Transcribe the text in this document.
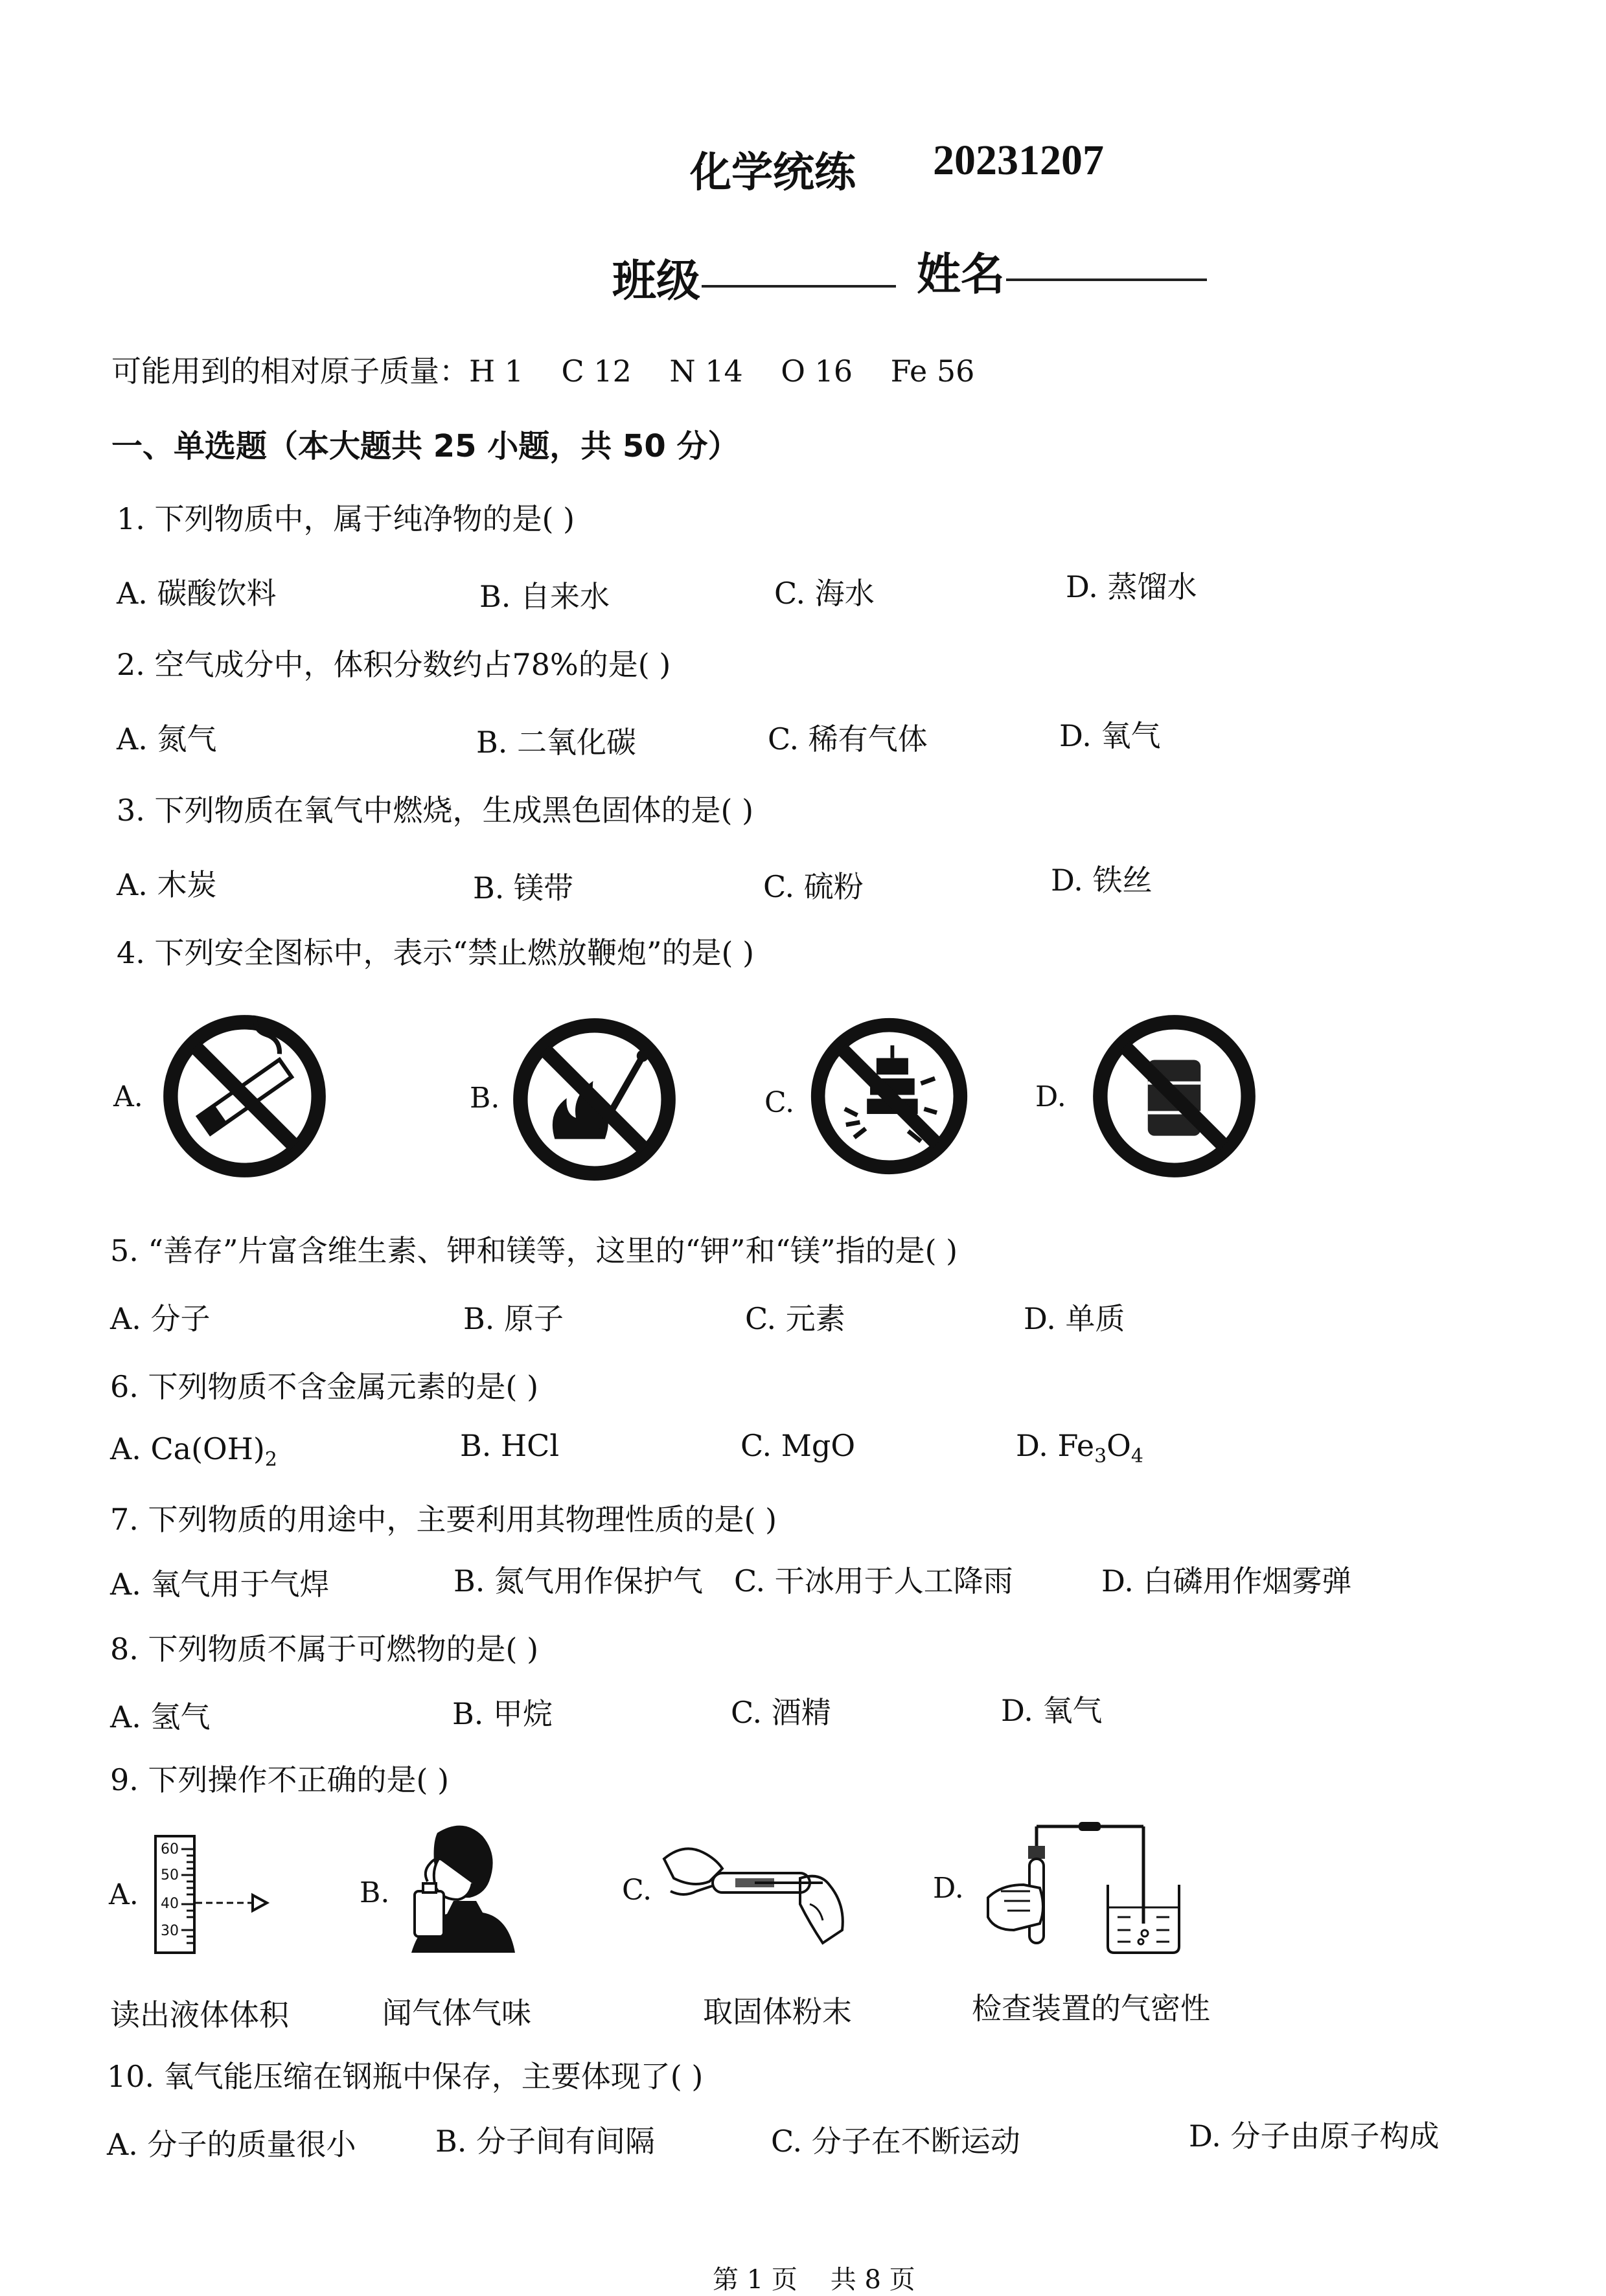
化学统练 20231207
班级	姓名
可能用到的相对原子质量：H 1    C 12    N 14    O 16    Fe 56
一、单选题（本大题共 25 小题，共 50 分）
1. 下列物质中，属于纯净物的是( )
A. 碳酸饮料	B. 自来水	C. 海水	D. 蒸馏水
2. 空气成分中，体积分数约占78%的是( )
A. 氮气	B. 二氧化碳	C. 稀有气体	D. 氧气
3. 下列物质在氧气中燃烧，生成黑色固体的是( )
A. 木炭	B. 镁带	C. 硫粉	D. 铁丝
4. 下列安全图标中，表示“禁止燃放鞭炮”的是( )
A.	B.	C.	D.
5. “善存”片富含维生素、钾和镁等，这里的“钾”和“镁”指的是( )
A. 分子	B. 原子	C. 元素	D. 单质
6. 下列物质不含金属元素的是( )
A. $Ca(OH)_2$	B. HCl	C. MgO	D. $Fe_3O_4$
7. 下列物质的用途中，主要利用其物理性质的是( )
A. 氧气用于气焊	B. 氮气用作保护气 C. 干冰用于人工降雨	D. 白磷用作烟雾弹
8. 下列物质不属于可燃物的是( )
A. 氢气	B. 甲烷	C. 酒精	D. 氧气
9. 下列操作不正确的是( )
A.
60
50
40
30
B.	C.	D.
读出液体体积	闻气体气味	取固体粉末	检查装置的气密性
10. 氧气能压缩在钢瓶中保存，主要体现了( )
A. 分子的质量很小	B. 分子间有间隔	C. 分子在不断运动	D. 分子由原子构成
第 1 页    共 8 页
